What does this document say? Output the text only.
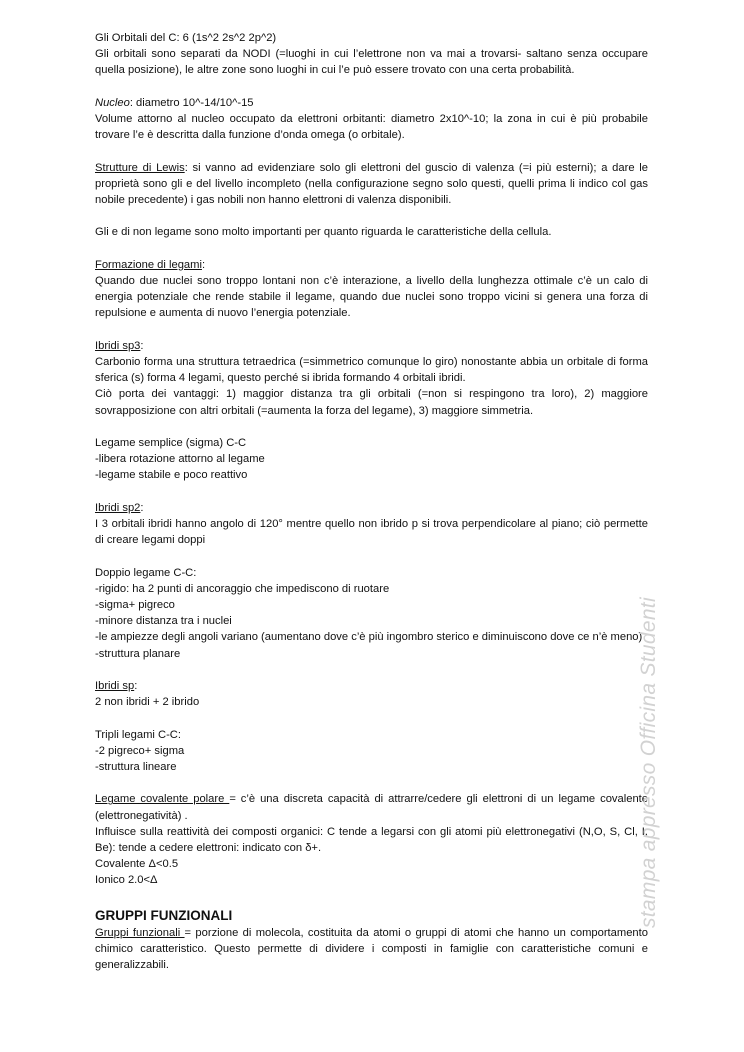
Gli Orbitali del C: 6 (1s^2 2s^2 2p^2)

Gli orbitali sono separati da NODI (=luoghi in cui l’elettrone non va mai a trovarsi- saltano senza occupare quella posizione), le altre zone sono luoghi in cui l’e può essere trovato con una certa probabilità.

Nucleo: diametro 10^-14/10^-15

Volume attorno al nucleo occupato da elettroni orbitanti: diametro 2x10^-10; la zona in cui è più probabile trovare l’e è descritta dalla funzione d’onda omega (o orbitale).

Strutture di Lewis: si vanno ad evidenziare solo gli elettroni del guscio di valenza (=i più esterni); a dare le proprietà sono gli e del livello incompleto (nella configurazione segno solo questi, quelli prima li indico col gas nobile precedente) i gas nobili non hanno elettroni di valenza disponibili.

Gli e di non legame sono molto importanti per quanto riguarda le caratteristiche della cellula.

Formazione di legami:

Quando due nuclei sono troppo lontani non c’è interazione, a livello della lunghezza ottimale c’è un calo di energia potenziale che rende stabile il legame, quando due nuclei sono troppo vicini si genera una forza di repulsione e aumenta di nuovo l’energia potenziale.

Ibridi sp3:

Carbonio forma una struttura tetraedrica (=simmetrico comunque lo giro) nonostante abbia un orbitale di forma sferica (s) forma 4 legami, questo perché si ibrida formando 4 orbitali ibridi.

Ciò porta dei vantaggi: 1) maggior distanza tra gli orbitali (=non si respingono tra loro), 2) maggiore sovrapposizione con altri orbitali (=aumenta la forza del legame), 3) maggiore simmetria.

Legame semplice (sigma) C-C

-libera rotazione attorno al legame

-legame stabile e poco reattivo

Ibridi sp2:

I 3 orbitali ibridi hanno angolo di 120° mentre quello non ibrido p si trova perpendicolare al piano; ciò permette di creare legami doppi

Doppio legame C-C:

-rigido: ha 2 punti di ancoraggio che impediscono di ruotare

-sigma+ pigreco

-minore distanza tra i nuclei

-le ampiezze degli angoli variano (aumentano dove c’è più ingombro sterico e diminuiscono dove ce n’è meno)

-struttura planare

Ibridi sp:

2 non ibridi + 2 ibrido

Tripli legami C-C:

-2 pigreco+ sigma

-struttura lineare

Legame covalente polare = c’è una discreta capacità di attrarre/cedere gli elettroni di un legame covalente (elettronegatività) .

Influisce sulla reattività dei composti organici: C tende a legarsi con gli atomi più elettronegativi (N,O, S, Cl, I, Be): tende a cedere elettroni: indicato con δ+.

Covalente Δ<0.5

Ionico 2.0<Δ

GRUPPI FUNZIONALI

Gruppi funzionali = porzione di molecola, costituita da atomi o gruppi di atomi che hanno un comportamento chimico caratteristico. Questo permette di dividere i composti in famiglie con caratteristiche comuni e generalizzabili.

stampa appresso Officina Studenti
